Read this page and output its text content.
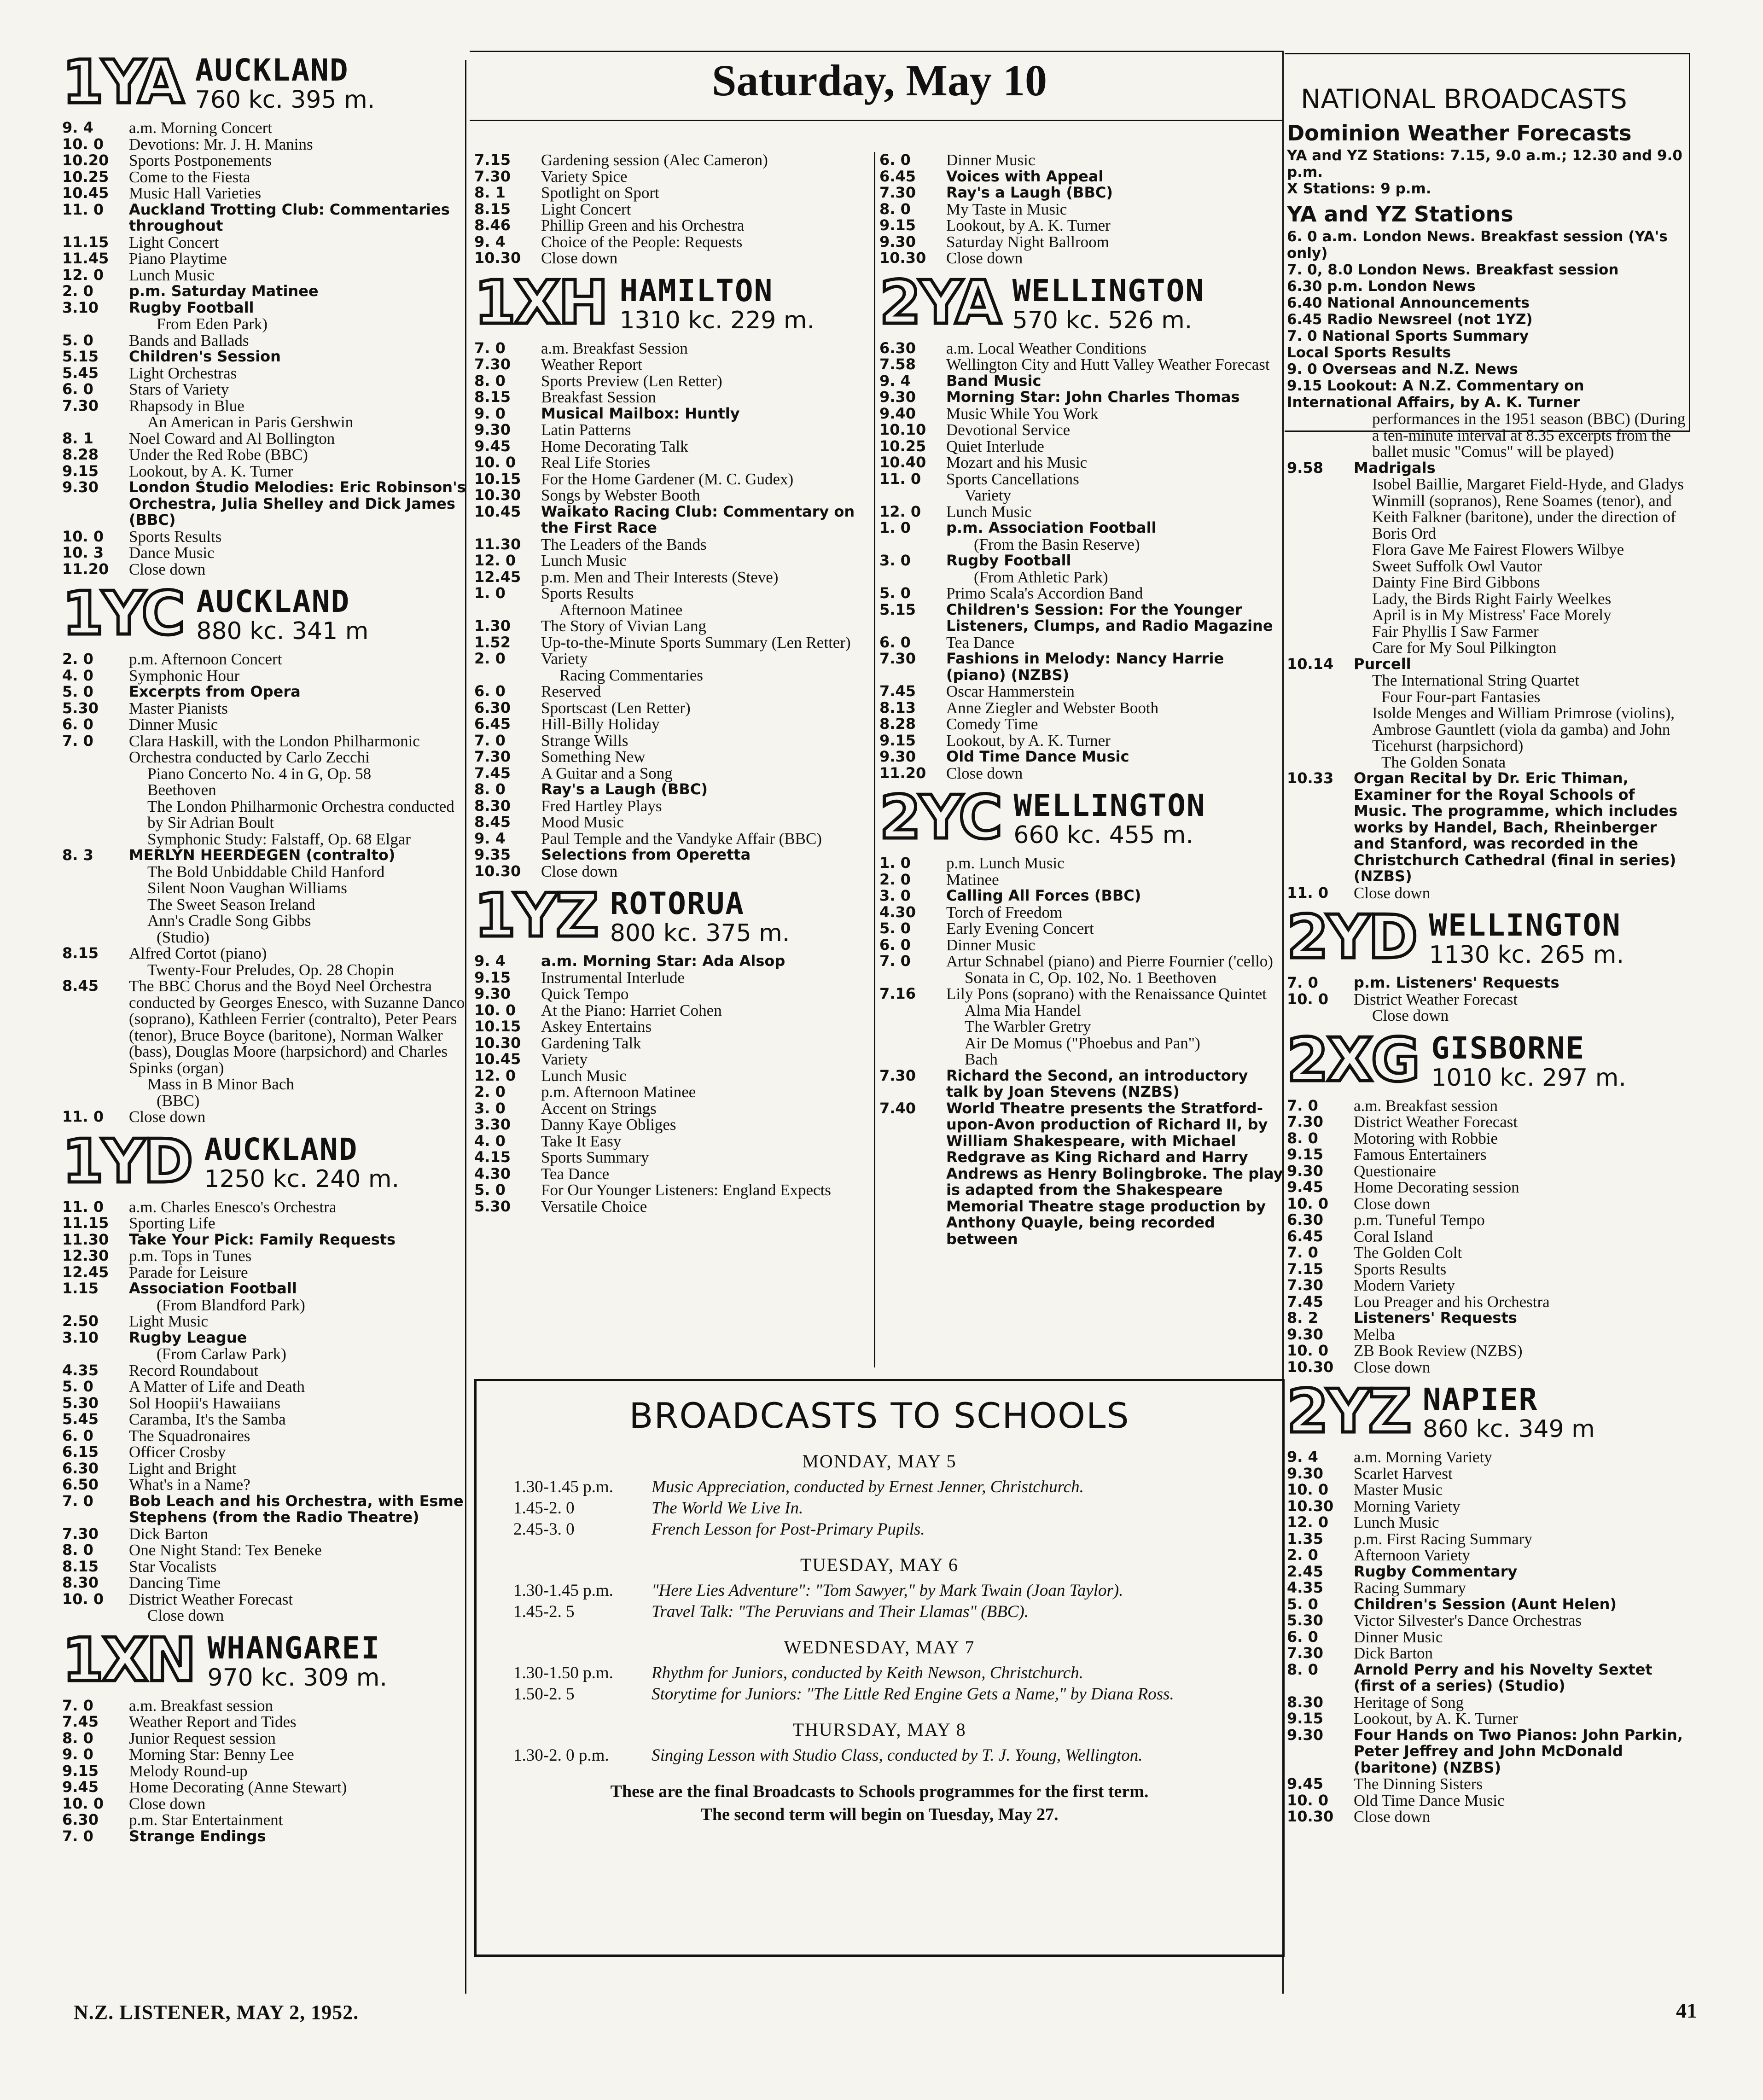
Saturday, May 10
1YA AUCKLAND
760 kc. 395 m.
9. 4	a.m. Morning Concert
10. 0	Devotions: Mr. J. H. Manins
10.20	Sports Postponements
10.25	Come to the Fiesta
10.45	Music Hall Varieties
11. 0	Auckland Trotting Club: Commentaries throughout
11.15	Light Concert
11.45	Piano Playtime
12. 0	Lunch Music
2. 0	p.m. Saturday Matinee
3.10	Rugby Football
From Eden Park)
5. 0	Bands and Ballads
5.15	Children's Session
5.45	Light Orchestras
6. 0	Stars of Variety
7.30	Rhapsody in Blue
An American in Paris Gershwin
8. 1	Noel Coward and Al Bollington
8.28	Under the Red Robe (BBC)
9.15	Lookout, by A. K. Turner
9.30	London Studio Melodies: Eric Robinson's Orchestra, Julia Shelley and Dick James (BBC)
10. 0	Sports Results
10. 3	Dance Music
11.20	Close down
1YC AUCKLAND
880 kc. 341 m
2. 0	p.m. Afternoon Concert
4. 0	Symphonic Hour
5. 0	Excerpts from Opera
5.30	Master Pianists
6. 0	Dinner Music
7. 0	Clara Haskill, with the London Philharmonic Orchestra conducted by Carlo Zecchi
Piano Concerto No. 4 in G, Op. 58
Beethoven
The London Philharmonic Orchestra conducted by Sir Adrian Boult
Symphonic Study: Falstaff, Op. 68 Elgar
8. 3	MERLYN HEERDEGEN (contralto)
The Bold Unbiddable Child Hanford
Silent Noon Vaughan Williams
The Sweet Season Ireland
Ann's Cradle Song Gibbs
(Studio)
8.15	Alfred Cortot (piano)
Twenty-Four Preludes, Op. 28 Chopin
8.45	The BBC Chorus and the Boyd Neel Orchestra conducted by Georges Enesco, with Suzanne Danco (soprano), Kathleen Ferrier (contralto), Peter Pears (tenor), Bruce Boyce (baritone), Norman Walker (bass), Douglas Moore (harpsichord) and Charles Spinks (organ)
Mass in B Minor Bach
(BBC)
11. 0	Close down
1YD AUCKLAND
1250 kc. 240 m.
11. 0	a.m. Charles Enesco's Orchestra
11.15	Sporting Life
11.30	Take Your Pick: Family Requests
12.30	p.m. Tops in Tunes
12.45	Parade for Leisure
1.15	Association Football
(From Blandford Park)
2.50	Light Music
3.10	Rugby League
(From Carlaw Park)
4.35	Record Roundabout
5. 0	A Matter of Life and Death
5.30	Sol Hoopii's Hawaiians
5.45	Caramba, It's the Samba
6. 0	The Squadronaires
6.15	Officer Crosby
6.30	Light and Bright
6.50	What's in a Name?
7. 0	Bob Leach and his Orchestra, with Esme Stephens (from the Radio Theatre)
7.30	Dick Barton
8. 0	One Night Stand: Tex Beneke
8.15	Star Vocalists
8.30	Dancing Time
10. 0	District Weather Forecast
Close down
1XN WHANGAREI
970 kc. 309 m.
7. 0	a.m. Breakfast session
7.45	Weather Report and Tides
8. 0	Junior Request session
9. 0	Morning Star: Benny Lee
9.15	Melody Round-up
9.45	Home Decorating (Anne Stewart)
10. 0	Close down
6.30	p.m. Star Entertainment
7. 0	Strange Endings
7.15	Gardening session (Alec Cameron)
7.30	Variety Spice
8. 1	Spotlight on Sport
8.15	Light Concert
8.46	Phillip Green and his Orchestra
9. 4	Choice of the People: Requests
10.30	Close down
1XH HAMILTON
1310 kc. 229 m.
7. 0	a.m. Breakfast Session
7.30	Weather Report
8. 0	Sports Preview (Len Retter)
8.15	Breakfast Session
9. 0	Musical Mailbox: Huntly
9.30	Latin Patterns
9.45	Home Decorating Talk
10. 0	Real Life Stories
10.15	For the Home Gardener (M. C. Gudex)
10.30	Songs by Webster Booth
10.45	Waikato Racing Club: Commentary on the First Race
11.30	The Leaders of the Bands
12. 0	Lunch Music
12.45	p.m. Men and Their Interests (Steve)
1. 0	Sports Results
Afternoon Matinee
1.30	The Story of Vivian Lang
1.52	Up-to-the-Minute Sports Summary (Len Retter)
2. 0	Variety
Racing Commentaries
6. 0	Reserved
6.30	Sportscast (Len Retter)
6.45	Hill-Billy Holiday
7. 0	Strange Wills
7.30	Something New
7.45	A Guitar and a Song
8. 0	Ray's a Laugh (BBC)
8.30	Fred Hartley Plays
8.45	Mood Music
9. 4	Paul Temple and the Vandyke Affair (BBC)
9.35	Selections from Operetta
10.30	Close down
1YZ ROTORUA
800 kc. 375 m.
9. 4	a.m. Morning Star: Ada Alsop
9.15	Instrumental Interlude
9.30	Quick Tempo
10. 0	At the Piano: Harriet Cohen
10.15	Askey Entertains
10.30	Gardening Talk
10.45	Variety
12. 0	Lunch Music
2. 0	p.m. Afternoon Matinee
3. 0	Accent on Strings
3.30	Danny Kaye Obliges
4. 0	Take It Easy
4.15	Sports Summary
4.30	Tea Dance
5. 0	For Our Younger Listeners: England Expects
5.30	Versatile Choice
6. 0	Dinner Music
6.45	Voices with Appeal
7.30	Ray's a Laugh (BBC)
8. 0	My Taste in Music
9.15	Lookout, by A. K. Turner
9.30	Saturday Night Ballroom
10.30	Close down
2YA WELLINGTON
570 kc. 526 m.
6.30	a.m. Local Weather Conditions
7.58	Wellington City and Hutt Valley Weather Forecast
9. 4	Band Music
9.30	Morning Star: John Charles Thomas
9.40	Music While You Work
10.10	Devotional Service
10.25	Quiet Interlude
10.40	Mozart and his Music
11. 0	Sports Cancellations
Variety
12. 0	Lunch Music
1. 0	p.m. Association Football
(From the Basin Reserve)
3. 0	Rugby Football
(From Athletic Park)
5. 0	Primo Scala's Accordion Band
5.15	Children's Session: For the Younger Listeners, Clumps, and Radio Magazine
6. 0	Tea Dance
7.30	Fashions in Melody: Nancy Harrie (piano) (NZBS)
7.45	Oscar Hammerstein
8.13	Anne Ziegler and Webster Booth
8.28	Comedy Time
9.15	Lookout, by A. K. Turner
9.30	Old Time Dance Music
11.20	Close down
2YC WELLINGTON
660 kc. 455 m.
1. 0	p.m. Lunch Music
2. 0	Matinee
3. 0	Calling All Forces (BBC)
4.30	Torch of Freedom
5. 0	Early Evening Concert
6. 0	Dinner Music
7. 0	Artur Schnabel (piano) and Pierre Fournier ('cello)
Sonata in C, Op. 102, No. 1 Beethoven
7.16	Lily Pons (soprano) with the Renaissance Quintet
Alma Mia Handel
The Warbler Gretry
Air De Momus ("Phoebus and Pan")
Bach
7.30	Richard the Second, an introductory talk by Joan Stevens (NZBS)
7.40	World Theatre presents the Stratford-upon-Avon production of Richard II, by William Shakespeare, with Michael Redgrave as King Richard and Harry Andrews as Henry Bolingbroke. The play is adapted from the Shakespeare Memorial Theatre stage production by Anthony Quayle, being recorded between
NATIONAL BROADCASTS
Dominion Weather Forecasts
YA and YZ Stations: 7.15, 9.0 a.m.; 12.30 and 9.0 p.m.
X Stations: 9 p.m.
YA and YZ Stations
6. 0 a.m. London News. Breakfast session (YA's only)
7. 0, 8.0 London News. Breakfast session
6.30 p.m. London News
6.40 National Announcements
6.45 Radio Newsreel (not 1YZ)
7. 0 National Sports Summary
Local Sports Results
9. 0 Overseas and N.Z. News
9.15 Lookout: A N.Z. Commentary on International Affairs, by A. K. Turner
performances in the 1951 season (BBC) (During a ten-minute interval at 8.35 excerpts from the ballet music "Comus" will be played)
9.58	Madrigals
Isobel Baillie, Margaret Field-Hyde, and Gladys Winmill (sopranos), Rene Soames (tenor), and Keith Falkner (baritone), under the direction of Boris Ord
Flora Gave Me Fairest Flowers Wilbye
Sweet Suffolk Owl Vautor
Dainty Fine Bird Gibbons
Lady, the Birds Right Fairly Weelkes
April is in My Mistress' Face Morely
Fair Phyllis I Saw Farmer
Care for My Soul Pilkington
10.14	Purcell
The International String Quartet
Four Four-part Fantasies
Isolde Menges and William Primrose (violins), Ambrose Gauntlett (viola da gamba) and John Ticehurst (harpsichord)
The Golden Sonata
10.33	Organ Recital by Dr. Eric Thiman, Examiner for the Royal Schools of Music. The programme, which includes works by Handel, Bach, Rheinberger and Stanford, was recorded in the Christchurch Cathedral (final in series) (NZBS)
11. 0	Close down
2YD WELLINGTON
1130 kc. 265 m.
7. 0	p.m. Listeners' Requests
10. 0	District Weather Forecast
Close down
2XG GISBORNE
1010 kc. 297 m.
7. 0	a.m. Breakfast session
7.30	District Weather Forecast
8. 0	Motoring with Robbie
9.15	Famous Entertainers
9.30	Questionaire
9.45	Home Decorating session
10. 0	Close down
6.30	p.m. Tuneful Tempo
6.45	Coral Island
7. 0	The Golden Colt
7.15	Sports Results
7.30	Modern Variety
7.45	Lou Preager and his Orchestra
8. 2	Listeners' Requests
9.30	Melba
10. 0	ZB Book Review (NZBS)
10.30	Close down
2YZ NAPIER
860 kc. 349 m
9. 4	a.m. Morning Variety
9.30	Scarlet Harvest
10. 0	Master Music
10.30	Morning Variety
12. 0	Lunch Music
1.35	p.m. First Racing Summary
2. 0	Afternoon Variety
2.45	Rugby Commentary
4.35	Racing Summary
5. 0	Children's Session (Aunt Helen)
5.30	Victor Silvester's Dance Orchestras
6. 0	Dinner Music
7.30	Dick Barton
8. 0	Arnold Perry and his Novelty Sextet (first of a series) (Studio)
8.30	Heritage of Song
9.15	Lookout, by A. K. Turner
9.30	Four Hands on Two Pianos: John Parkin, Peter Jeffrey and John McDonald (baritone) (NZBS)
9.45	The Dinning Sisters
10. 0	Old Time Dance Music
10.30	Close down
BROADCASTS TO SCHOOLS
MONDAY, MAY 5
1.30-1.45 p.m.	Music Appreciation, conducted by Ernest Jenner, Christchurch.
1.45-2. 0	The World We Live In.
2.45-3. 0	French Lesson for Post-Primary Pupils.
TUESDAY, MAY 6
1.30-1.45 p.m.	"Here Lies Adventure": "Tom Sawyer," by Mark Twain (Joan Taylor).
1.45-2. 5	Travel Talk: "The Peruvians and Their Llamas" (BBC).
WEDNESDAY, MAY 7
1.30-1.50 p.m.	Rhythm for Juniors, conducted by Keith Newson, Christchurch.
1.50-2. 5	Storytime for Juniors: "The Little Red Engine Gets a Name," by Diana Ross.
THURSDAY, MAY 8
1.30-2. 0 p.m.	Singing Lesson with Studio Class, conducted by T. J. Young, Wellington.
These are the final Broadcasts to Schools programmes for the first term.
The second term will begin on Tuesday, May 27.
N.Z. LISTENER, MAY 2, 1952.	41
